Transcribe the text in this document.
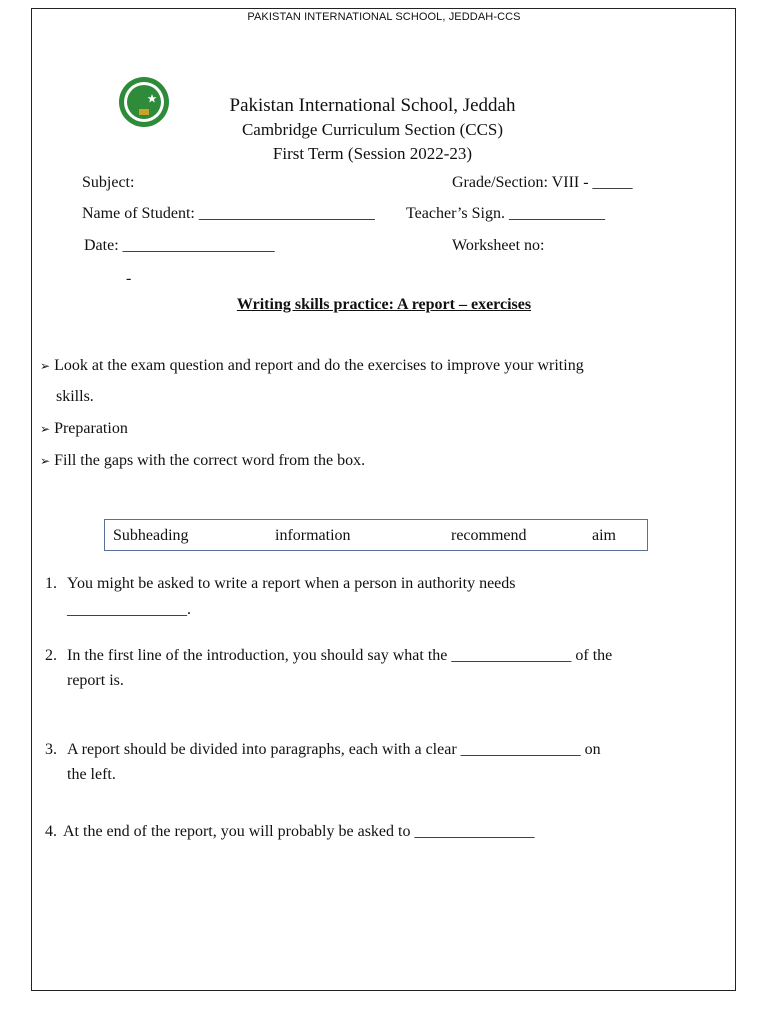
PAKISTAN INTERNATIONAL SCHOOL, JEDDAH-CCS
Pakistan International School, Jeddah
Cambridge Curriculum Section (CCS)
First Term (Session 2022-23)
Subject:	Grade/Section: VIII - _____
Name of Student: ______________________ Teacher’s Sign. ____________
Date: ___________________	Worksheet no:
-
Writing skills practice: A report – exercises
➢ Look at the exam question and report and do the exercises to improve your writing
skills.
➢ Preparation
➢ Fill the gaps with the correct word from the box.
Subheading	information	recommend	aim
1. You might be asked to write a report when a person in authority needs
_______________.
2. In the first line of the introduction, you should say what the _______________ of the
report is.
3. A report should be divided into paragraphs, each with a clear _______________ on
the left.
4. At the end of the report, you will probably be asked to _______________
